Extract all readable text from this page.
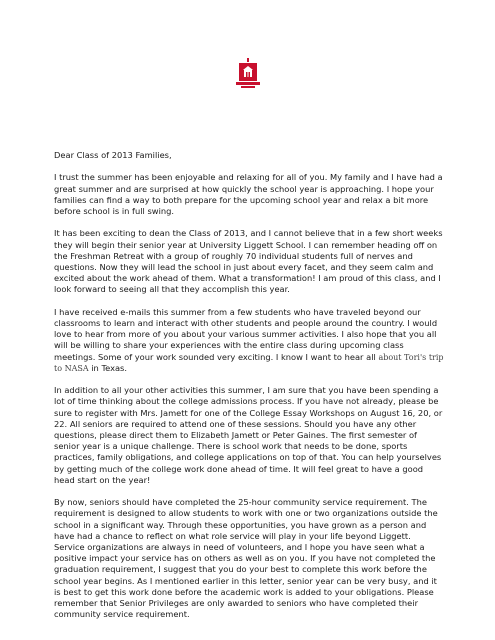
Dear Class of 2013 Families,

I trust the summer has been enjoyable and relaxing for all of you. My family and I have had a great summer and are surprised at how quickly the school year is approaching. I hope your families can find a way to both prepare for the upcoming school year and relax a bit more before school is in full swing.

It has been exciting to dean the Class of 2013, and I cannot believe that in a few short weeks they will begin their senior year at University Liggett School. I can remember heading off on the Freshman Retreat with a group of roughly 70 individual students full of nerves and questions. Now they will lead the school in just about every facet, and they seem calm and excited about the work ahead of them. What a transformation! I am proud of this class, and I look forward to seeing all that they accomplish this year.

I have received e-mails this summer from a few students who have traveled beyond our classrooms to learn and interact with other students and people around the country. I would love to hear from more of you about your various summer activities. I also hope that you all will be willing to share your experiences with the entire class during upcoming class meetings. Some of your work sounded very exciting. I know I want to hear all about Tori's trip to NASA in Texas.

In addition to all your other activities this summer, I am sure that you have been spending a lot of time thinking about the college admissions process. If you have not already, please be sure to register with Mrs. Jamett for one of the College Essay Workshops on August 16, 20, or 22. All seniors are required to attend one of these sessions. Should you have any other questions, please direct them to Elizabeth Jamett or Peter Gaines. The first semester of senior year is a unique challenge. There is school work that needs to be done, sports practices, family obligations, and college applications on top of that. You can help yourselves by getting much of the college work done ahead of time. It will feel great to have a good head start on the year!

By now, seniors should have completed the 25-hour community service requirement. The requirement is designed to allow students to work with one or two organizations outside the school in a significant way. Through these opportunities, you have grown as a person and have had a chance to reflect on what role service will play in your life beyond Liggett. Service organizations are always in need of volunteers, and I hope you have seen what a positive impact your service has on others as well as on you. If you have not completed the graduation requirement, I suggest that you do your best to complete this work before the school year begins. As I mentioned earlier in this letter, senior year can be very busy, and it is best to get this work done before the academic work is added to your obligations. Please remember that Senior Privileges are only awarded to seniors who have completed their community service requirement.
